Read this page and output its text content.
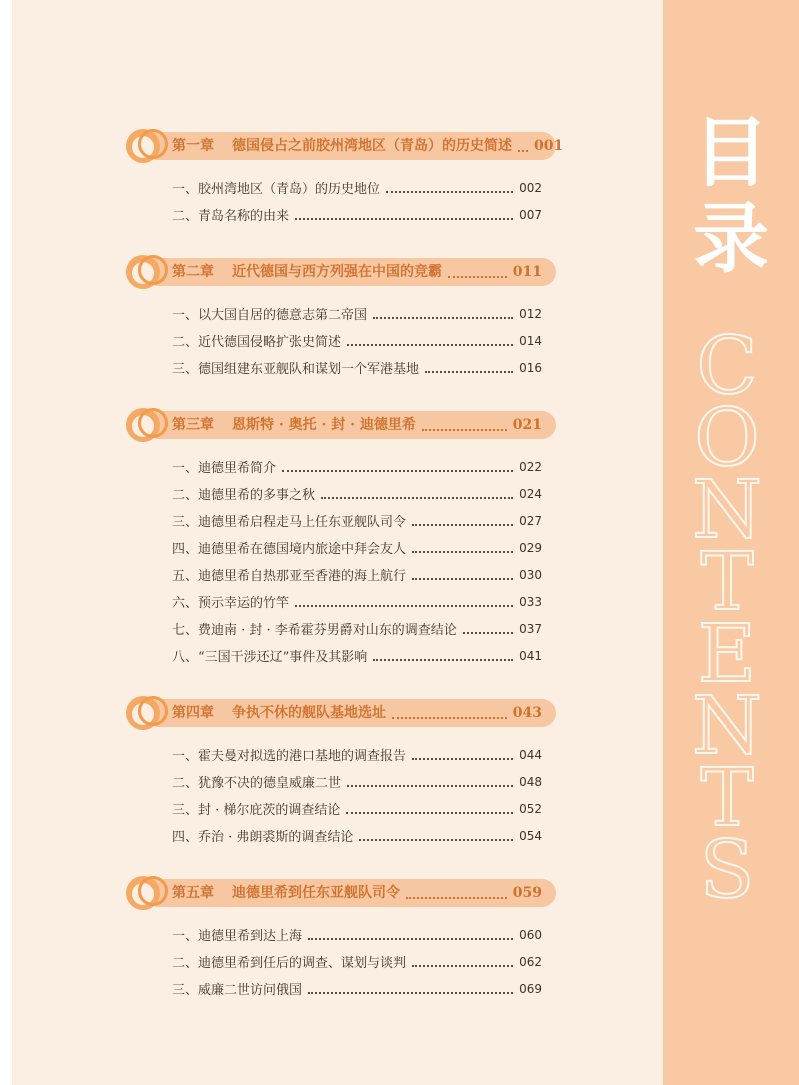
目
录
C
O
N
T
E
N
T
S
第一章 德国侵占之前胶州湾地区（青岛）的历史简述 001
一、胶州湾地区（青岛）的历史地位	002
二、青岛名称的由来	007
第二章 近代德国与西方列强在中国的竞霸	011
一、以大国自居的德意志第二帝国	012
二、近代德国侵略扩张史简述	014
三、德国组建东亚舰队和谋划一个军港基地	016
第三章 恩斯特 · 奥托 · 封 · 迪德里希	021
一、迪德里希简介	022
二、迪德里希的多事之秋	024
三、迪德里希启程走马上任东亚舰队司令	027
四、迪德里希在德国境内旅途中拜会友人	029
五、迪德里希自热那亚至香港的海上航行	030
六、预示幸运的竹竿	033
七、费迪南 · 封 · 李希霍芬男爵对山东的调查结论	037
八、“三国干涉还辽”事件及其影响	041
第四章 争执不休的舰队基地选址	043
一、霍夫曼对拟选的港口基地的调查报告	044
二、犹豫不决的德皇威廉二世	048
三、封 · 梯尔庇茨的调查结论	052
四、乔治 · 弗朗裘斯的调查结论	054
第五章 迪德里希到任东亚舰队司令	059
一、迪德里希到达上海	060
二、迪德里希到任后的调查、谋划与谈判	062
三、威廉二世访问俄国	069
